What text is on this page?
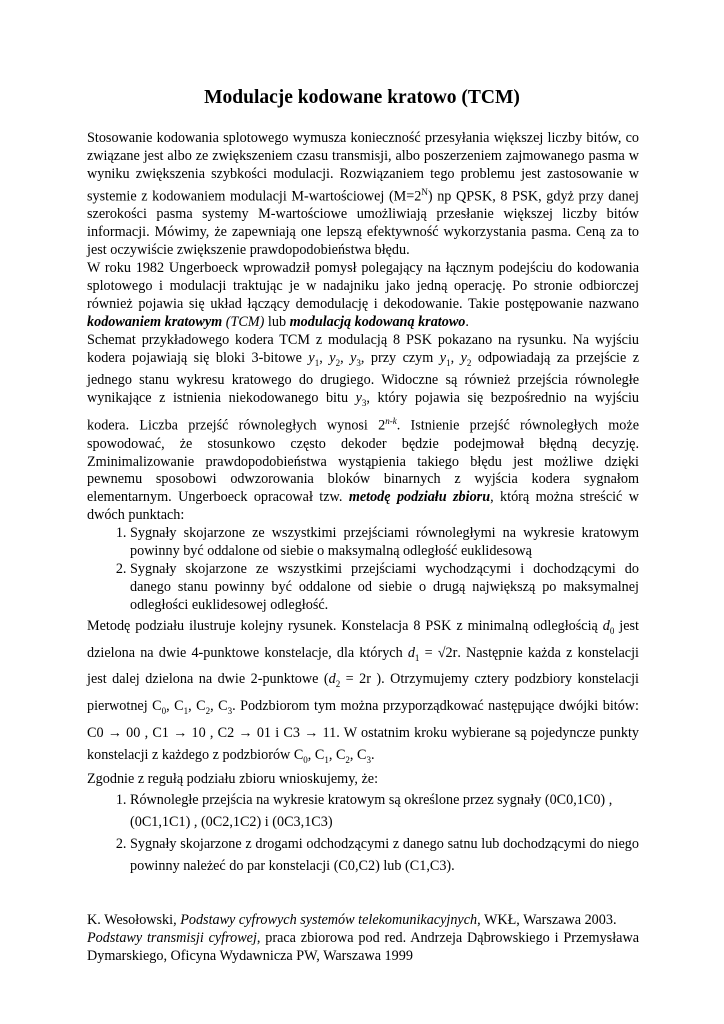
Modulacje kodowane kratowo (TCM)

Stosowanie kodowania splotowego wymusza konieczność przesyłania większej liczby bitów, co związane jest albo ze zwiększeniem czasu transmisji, albo poszerzeniem zajmowanego pasma w wyniku zwiększenia szybkości modulacji. Rozwiązaniem tego problemu jest zastosowanie w systemie z kodowaniem modulacji M-wartościowej $(M=2^N)$ np QPSK, 8 PSK, gdyż przy danej szerokości pasma systemy M-wartościowe umożliwiają przesłanie większej liczby bitów informacji. Mówimy, że zapewniają one lepszą efektywność wykorzystania pasma. Ceną za to jest oczywiście zwiększenie prawdopodobieństwa błędu.

W roku 1982 Ungerboeck wprowadził pomysł polegający na łącznym podejściu do kodowania splotowego i modulacji traktując je w nadajniku jako jedną operację. Po stronie odbiorczej również pojawia się układ łączący demodulację i dekodowanie. Takie postępowanie nazwano kodowaniem kratowym (TCM) lub modulacją kodowaną kratowo.

Schemat przykładowego kodera TCM z modulacją 8 PSK pokazano na rysunku. Na wyjściu kodera pojawiają się bloki 3-bitowe $y_1$, $y_2$, $y_3$, przy czym $y_1$, $y_2$ odpowiadają za przejście z jednego stanu wykresu kratowego do drugiego. Widoczne są również przejścia równoległe wynikające z istnienia niekodowanego bitu $y_3$, który pojawia się bezpośrednio na wyjściu kodera. Liczba przejść równoległych wynosi 2$^{n-k}$. Istnienie przejść równoległych może spowodować, że stosunkowo często dekoder będzie podejmował błędną decyzję. Zminimalizowanie prawdopodobieństwa wystąpienia takiego błędu jest możliwe dzięki pewnemu sposobowi odwzorowania bloków binarnych z wyjścia kodera sygnałom elementarnym. Ungerboeck opracował tzw. metodę podziału zbioru, którą można streścić w dwóch punktach:

1. Sygnały skojarzone ze wszystkimi przejściami równoległymi na wykresie kratowym powinny być oddalone od siebie o maksymalną odległość euklidesową
2. Sygnały skojarzone ze wszystkimi przejściami wychodzącymi i dochodzącymi do danego stanu powinny być oddalone od siebie o drugą największą po maksymalnej odległości euklidesowej odległość.

Metodę podziału ilustruje kolejny rysunek. Konstelacja 8 PSK z minimalną odległością $d_0$ jest dzielona na dwie 4-punktowe konstelacje, dla których $d_1 = √2r$. Następnie każda z konstelacji jest dalej dzielona na dwie 2-punktowe ($d_2 = 2r$ ). Otrzymujemy cztery podzbiory konstelacji pierwotnej $C_0$, $C_1$, $C_2$, $C_3$. Podzbiorom tym można przyporządkować następujące dwójki bitów: C0 → 00 , C1 → 10 , C2 → 01 i C3 → 11. W ostatnim kroku wybierane są pojedyncze punkty konstelacji z każdego z podzbiorów $C_0$, $C_1$, $C_2$, $C_3$.

Zgodnie z regułą podziału zbioru wnioskujemy, że:

1. Równoległe przejścia na wykresie kratowym są określone przez sygnały (0C0,1C0) ,
(0C1,1C1) , (0C2,1C2) i (0C3,1C3)
2. Sygnały skojarzone z drogami odchodzącymi z danego satnu lub dochodzącymi do niego powinny należeć do par konstelacji (C0,C2) lub (C1,C3).

K. Wesołowski, Podstawy cyfrowych systemów telekomunikacyjnych, WKŁ, Warszawa 2003.

Podstawy transmisji cyfrowej, praca zbiorowa pod red. Andrzeja Dąbrowskiego i Przemysława Dymarskiego, Oficyna Wydawnicza PW, Warszawa 1999
